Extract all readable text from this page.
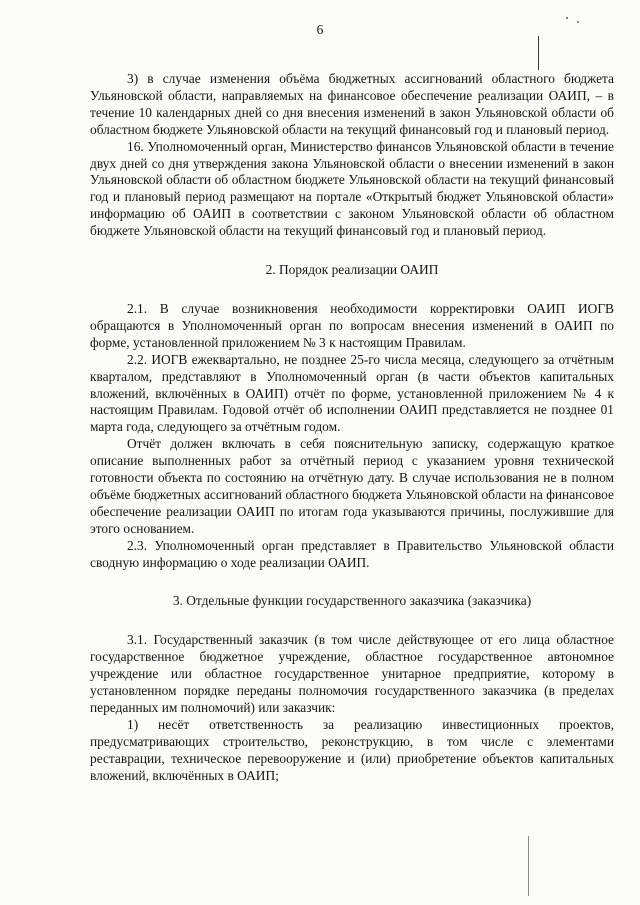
6

3) в случае изменения объёма бюджетных ассигнований областного бюджета Ульяновской области, направляемых на финансовое обеспечение реализации ОАИП, – в течение 10 календарных дней со дня внесения изменений в закон Ульяновской области об областном бюджете Ульяновской области на текущий финансовый год и плановый период.

16. Уполномоченный орган, Министерство финансов Ульяновской области в течение двух дней со дня утверждения закона Ульяновской области о внесении изменений в закон Ульяновской области об областном бюджете Ульяновской области на текущий финансовый год и плановый период размещают на портале «Открытый бюджет Ульяновской области» информацию об ОАИП в соответствии с законом Ульяновской области об областном бюджете Ульяновской области на текущий финансовый год и плановый период.

2. Порядок реализации ОАИП

2.1. В случае возникновения необходимости корректировки ОАИП ИОГВ обращаются в Уполномоченный орган по вопросам внесения изменений в ОАИП по форме, установленной приложением № 3 к настоящим Правилам.

2.2. ИОГВ ежеквартально, не позднее 25-го числа месяца, следующего за отчётным кварталом, представляют в Уполномоченный орган (в части объектов капитальных вложений, включённых в ОАИП) отчёт по форме, установленной приложением № 4 к настоящим Правилам. Годовой отчёт об исполнении ОАИП представляется не позднее 01 марта года, следующего за отчётным годом.

Отчёт должен включать в себя пояснительную записку, содержащую краткое описание выполненных работ за отчётный период с указанием уровня технической готовности объекта по состоянию на отчётную дату. В случае использования не в полном объёме бюджетных ассигнований областного бюджета Ульяновской области на финансовое обеспечение реализации ОАИП по итогам года указываются причины, послужившие для этого основанием.

2.3. Уполномоченный орган представляет в Правительство Ульяновской области сводную информацию о ходе реализации ОАИП.

3. Отдельные функции государственного заказчика (заказчика)

3.1. Государственный заказчик (в том числе действующее от его лица областное государственное бюджетное учреждение, областное государственное автономное учреждение или областное государственное унитарное предприятие, которому в установленном порядке переданы полномочия государственного заказчика (в пределах переданных им полномочий) или заказчик:

1) несёт ответственность за реализацию инвестиционных проектов, предусматривающих строительство, реконструкцию, в том числе с элементами реставрации, техническое перевооружение и (или) приобретение объектов капитальных вложений, включённых в ОАИП;
